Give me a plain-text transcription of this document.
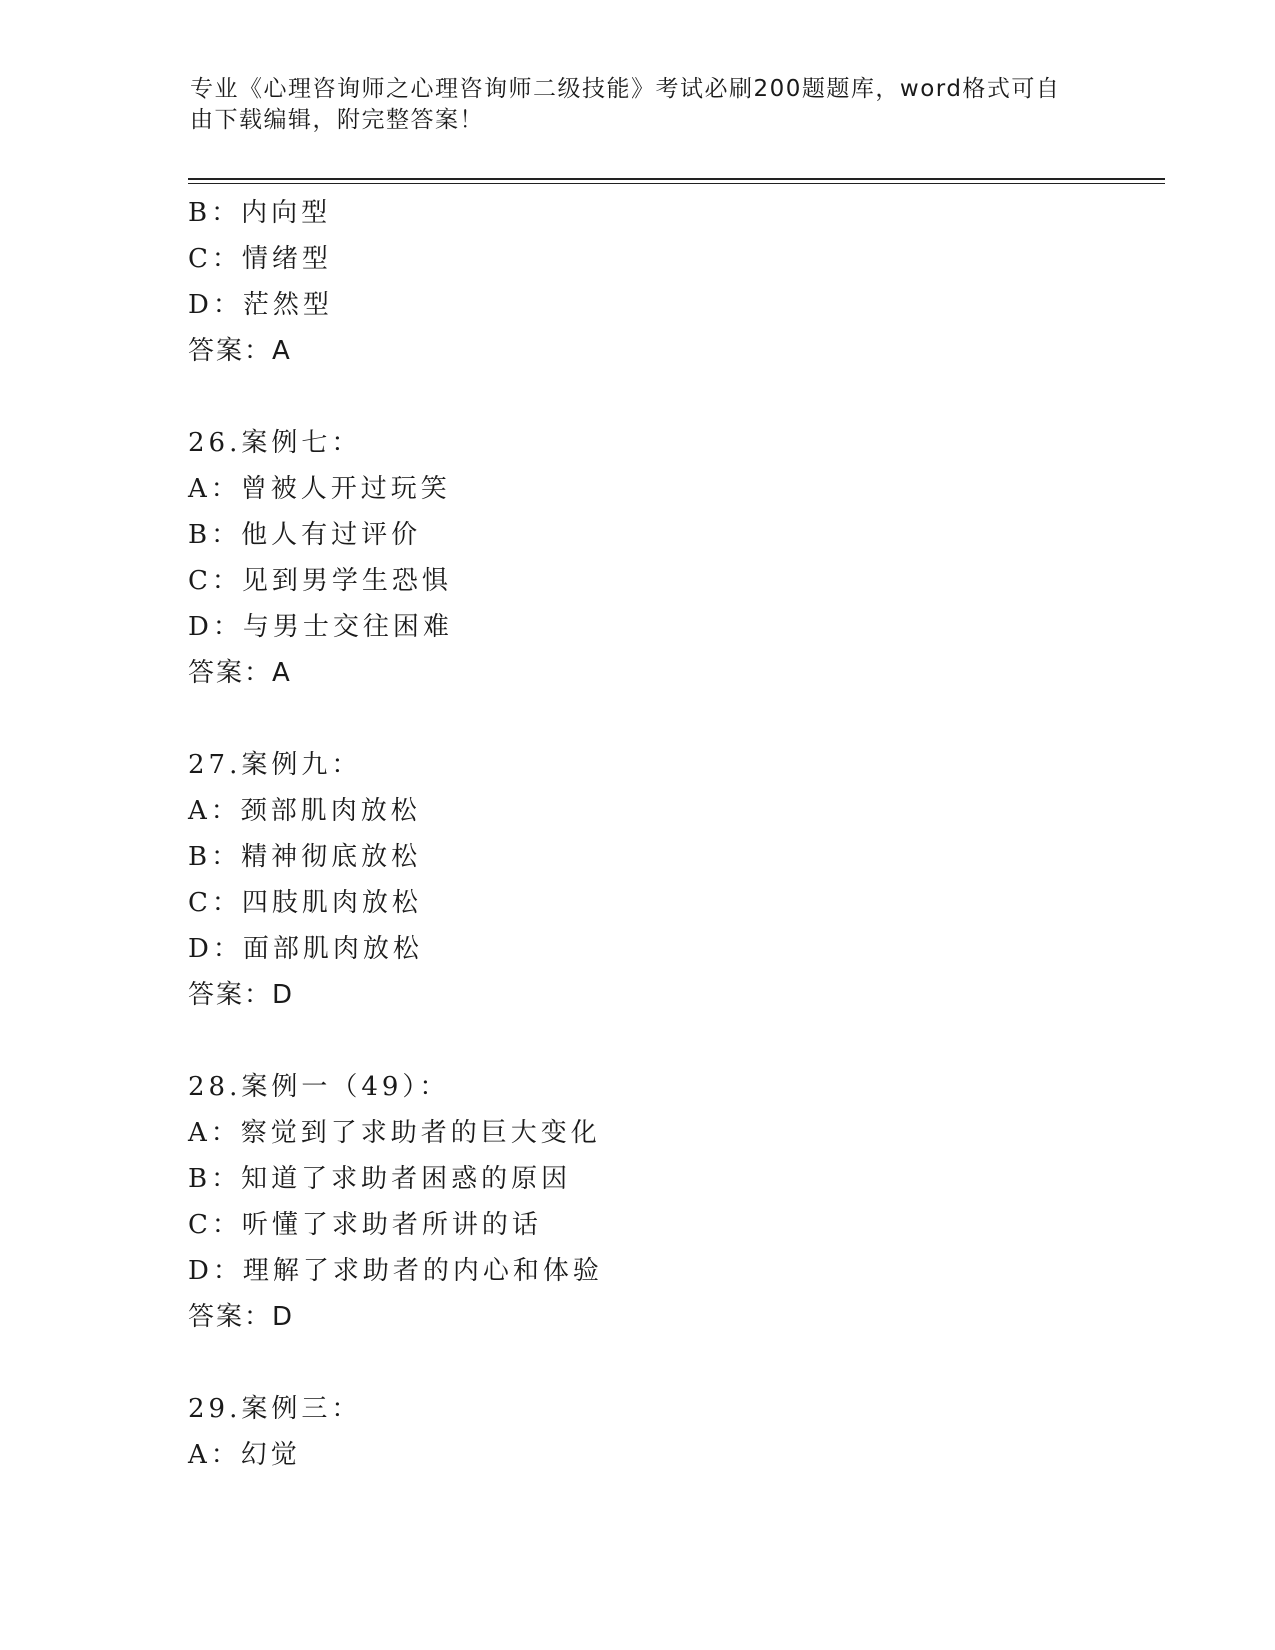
专业《心理咨询师之心理咨询师二级技能》考试必刷200题题库，word格式可自
由下载编辑，附完整答案！
B：内向型
C：情绪型
D：茫然型
答案：A
26.案例七：
A：曾被人开过玩笑
B：他人有过评价
C：见到男学生恐惧
D：与男士交往困难
答案：A
27.案例九：
A：颈部肌肉放松
B：精神彻底放松
C：四肢肌肉放松
D：面部肌肉放松
答案：D
28.案例一（49）：
A：察觉到了求助者的巨大变化
B：知道了求助者困惑的原因
C：听懂了求助者所讲的话
D：理解了求助者的内心和体验
答案：D
29.案例三：
A：幻觉
